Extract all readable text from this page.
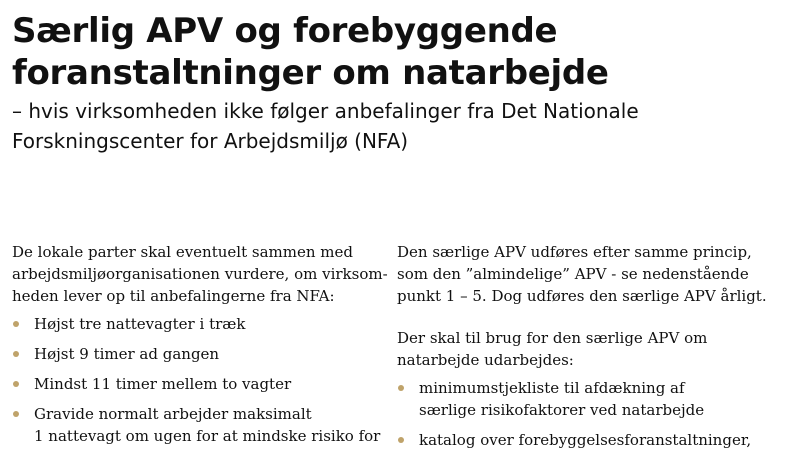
Særlig APV og forebyggende
foranstaltninger om natarbejde
– hvis virksomheden ikke følger anbefalinger fra Det Nationale
Forskningscenter for Arbejdsmiljø (NFA)

De lokale parter skal eventuelt sammen med
arbejdsmiljøorganisationen vurdere, om virksom-
heden lever op til anbefalingerne fra NFA:

Højst tre nattevagter i træk
Højst 9 timer ad gangen
Mindst 11 timer mellem to vagter
Gravide normalt arbejder maksimalt
1 nattevagt om ugen for at mindske risiko for

Den særlige APV udføres efter samme princip,
som den ”almindelige” APV - se nedenstående
punkt 1 – 5. Dog udføres den særlige APV årligt.

Der skal til brug for den særlige APV om
natarbejde udarbejdes:

minimumstjekliste til afdækning af
særlige risikofaktorer ved natarbejde
katalog over forebyggelsesforanstaltninger,
